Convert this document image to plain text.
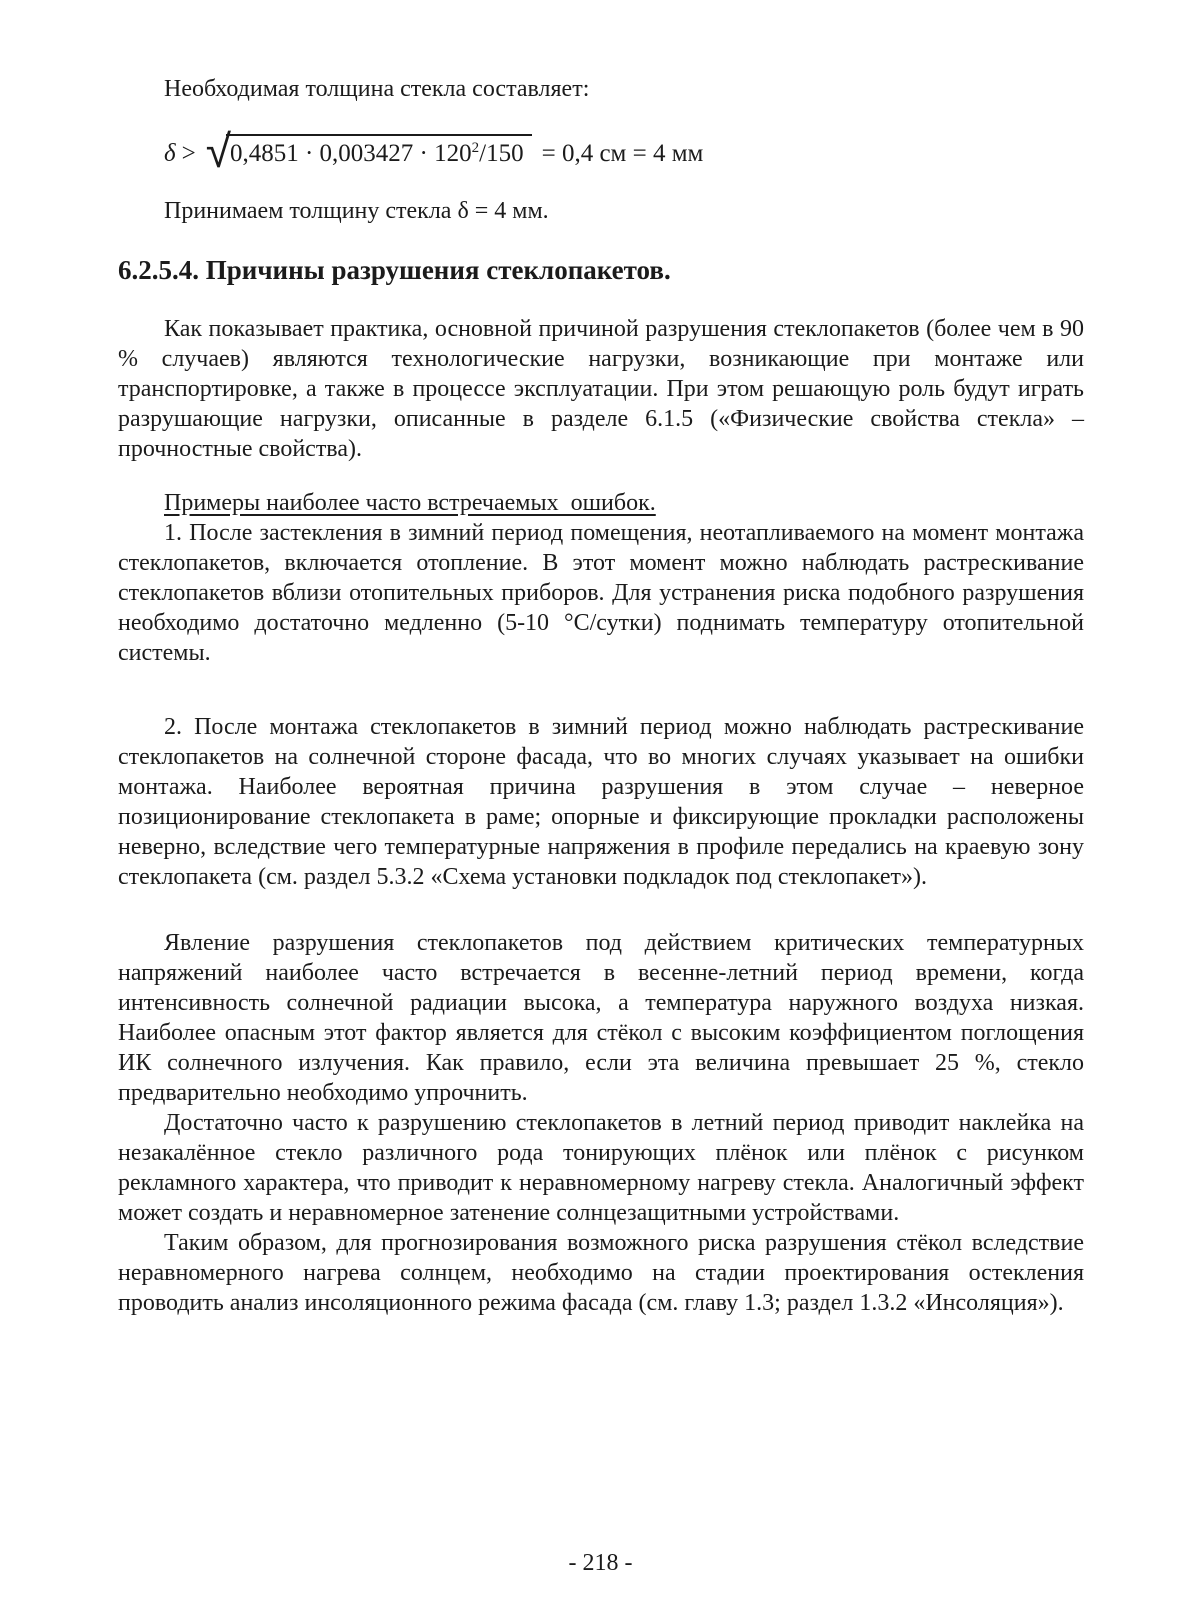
Необходимая толщина стекла составляет:

$\delta > √0,4851 \cdot 0,003427 \cdot 120^2/150 = 0,4$ см = 4 мм

Принимаем толщину стекла δ = 4 мм.

6.2.5.4. Причины разрушения стеклопакетов.

Как показывает практика, основной причиной разрушения стеклопакетов (более чем в 90 % случаев) являются технологические нагрузки, возникающие при монтаже или транспортировке, а также в процессе эксплуатации. При этом решающую роль будут играть разрушающие нагрузки, описанные в разделе 6.1.5 («Физические свойства стекла» – прочностные свойства).

Примеры наиболее часто встречаемых  ошибок.

1. После застекления в зимний период помещения, неотапливаемого на момент монтажа стеклопакетов, включается отопление. В этот момент можно наблюдать растрескивание стеклопакетов вблизи отопительных приборов. Для устранения риска подобного разрушения необходимо достаточно медленно (5-10 °С/сутки) поднимать температуру отопительной системы.

2. После монтажа стеклопакетов в зимний период можно наблюдать растрескивание стеклопакетов на солнечной стороне фасада, что во многих случаях указывает на ошибки монтажа. Наиболее вероятная причина разрушения в этом случае – неверное позиционирование стеклопакета в раме; опорные и фиксирующие прокладки расположены неверно, вследствие чего температурные напряжения в профиле передались на краевую зону стеклопакета (см. раздел 5.3.2 «Схема установки подкладок под стеклопакет»).

Явление разрушения стеклопакетов под действием критических температурных напряжений наиболее часто встречается в весенне-летний период времени, когда интенсивность солнечной радиации высока, а температура наружного воздуха низкая. Наиболее опасным этот фактор является для стёкол с высоким коэффициентом поглощения ИК солнечного излучения. Как правило, если эта величина превышает 25 %, стекло предварительно необходимо упрочнить.

Достаточно часто к разрушению стеклопакетов в летний период приводит наклейка на незакалённое стекло различного рода тонирующих плёнок или плёнок с рисунком рекламного характера, что приводит к неравномерному нагреву стекла. Аналогичный эффект может создать и неравномерное затенение солнцезащитными устройствами.

Таким образом, для прогнозирования возможного риска разрушения стёкол вследствие неравномерного нагрева солнцем, необходимо на стадии проектирования остекления проводить анализ инсоляционного режима фасада (см. главу 1.3; раздел 1.3.2 «Инсоляция»).

- 218 -
